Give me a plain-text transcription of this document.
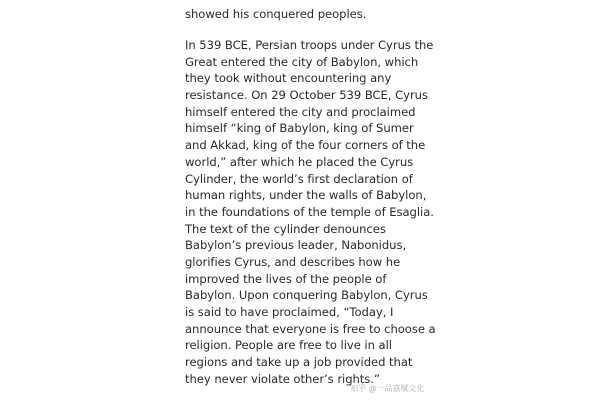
showed his conquered peoples.
In 539 BCE, Persian troops under Cyrus the
Great entered the city of Babylon, which
they took without encountering any
resistance. On 29 October 539 BCE, Cyrus
himself entered the city and proclaimed
himself “king of Babylon, king of Sumer
and Akkad, king of the four corners of the
world,” after which he placed the Cyrus
Cylinder, the world’s first declaration of
human rights, under the walls of Babylon,
in the foundations of the temple of Esaglia.
The text of the cylinder denounces
Babylon’s previous leader, Nabonidus,
glorifies Cyrus, and describes how he
improved the lives of the people of
Babylon. Upon conquering Babylon, Cyrus
is said to have proclaimed, “Today, I
announce that everyone is free to choose a
religion. People are free to live in all
regions and take up a job provided that
they never violate other’s rights.”
知乎 @一品嘉赋文化
